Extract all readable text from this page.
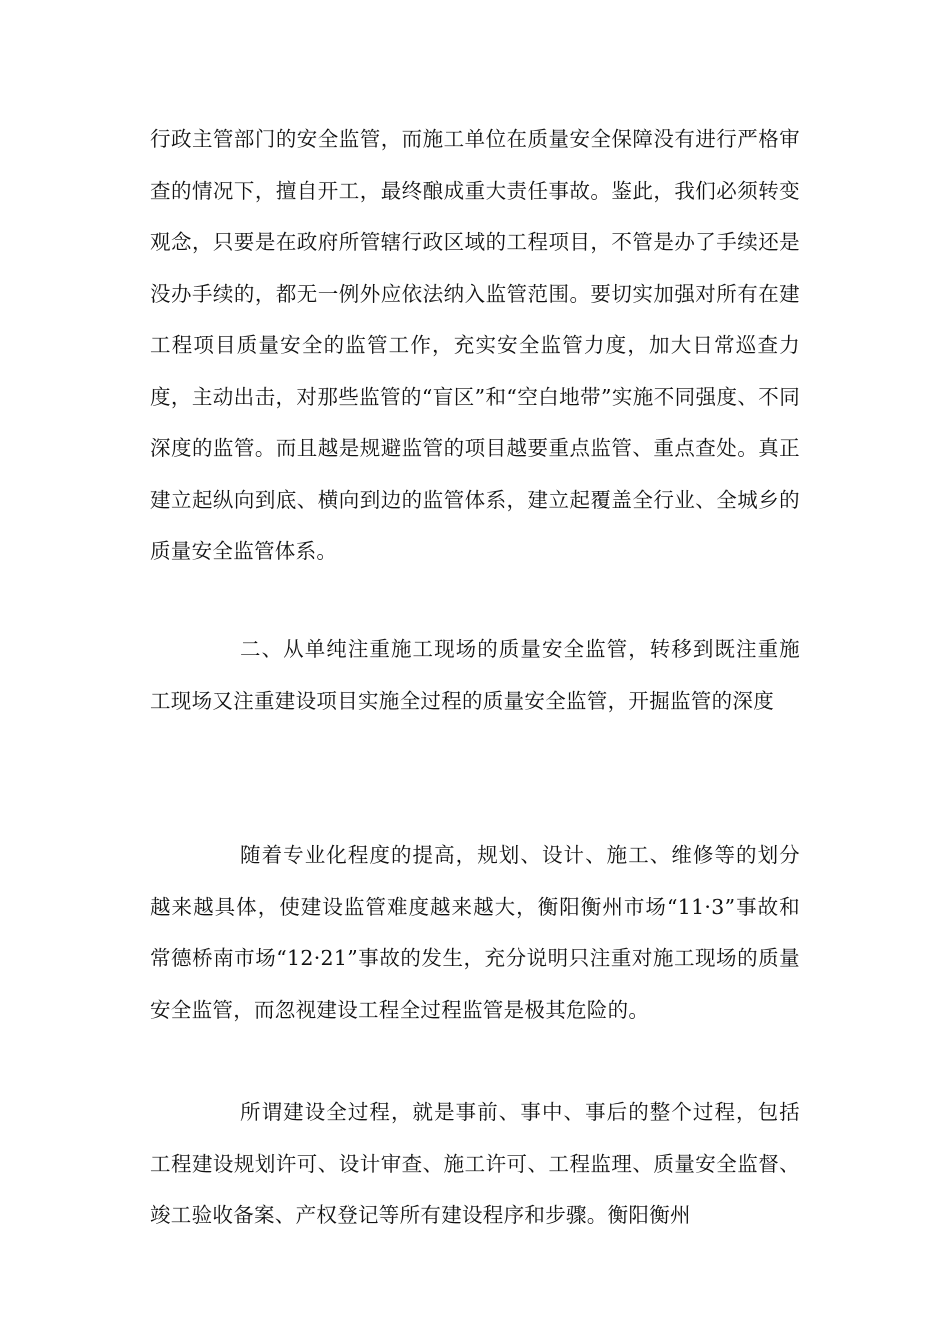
行政主管部门的安全监管，而施工单位在质量安全保障没有进行严格审查的情况下，擅自开工，最终酿成重大责任事故。鉴此，我们必须转变观念，只要是在政府所管辖行政区域的工程项目，不管是办了手续还是没办手续的，都无一例外应依法纳入监管范围。要切实加强对所有在建工程项目质量安全的监管工作，充实安全监管力度，加大日常巡查力度，主动出击，对那些监管的“盲区”和“空白地带”实施不同强度、不同深度的监管。而且越是规避监管的项目越要重点监管、重点查处。真正建立起纵向到底、横向到边的监管体系，建立起覆盖全行业、全城乡的质量安全监管体系。

二、从单纯注重施工现场的质量安全监管，转移到既注重施工现场又注重建设项目实施全过程的质量安全监管，开掘监管的深度

随着专业化程度的提高，规划、设计、施工、维修等的划分越来越具体，使建设监管难度越来越大，衡阳衡州市场“11·3”事故和常德桥南市场“12·21”事故的发生，充分说明只注重对施工现场的质量安全监管，而忽视建设工程全过程监管是极其危险的。

所谓建设全过程，就是事前、事中、事后的整个过程，包括工程建设规划许可、设计审查、施工许可、工程监理、质量安全监督、竣工验收备案、产权登记等所有建设程序和步骤。衡阳衡州
